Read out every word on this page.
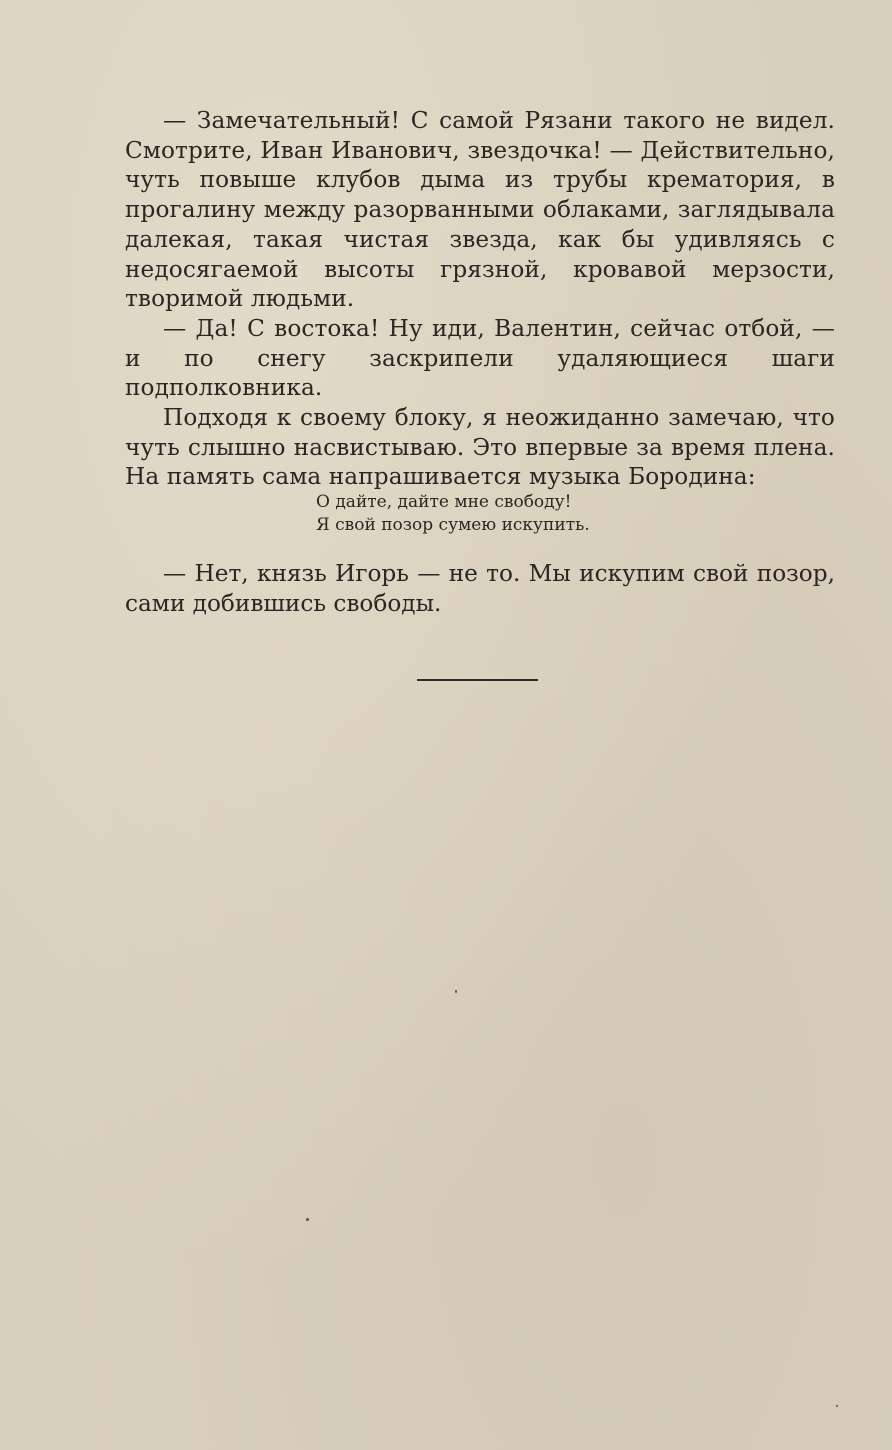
— Замечательный! С самой Рязани такого не видел. Смотрите, Иван Иванович, звездочка! — Действительно, чуть повыше клубов дыма из трубы крематория, в прогалину между разорванными облаками, заглядывала далекая, такая чистая звезда, как бы удивляясь с недосягаемой высоты грязной, кровавой мерзости, творимой людьми.

— Да! С востока! Ну иди, Валентин, сейчас отбой, — и по снегу заскрипели удаляющиеся шаги подполковника.

Подходя к своему блоку, я неожиданно замечаю, что чуть слышно насвистываю. Это впервые за время плена. На память сама напрашивается музыка Бородина:

О дайте, дайте мне свободу!
Я свой позор сумею искупить.

— Нет, князь Игорь — не то. Мы искупим свой позор, сами добившись свободы.
